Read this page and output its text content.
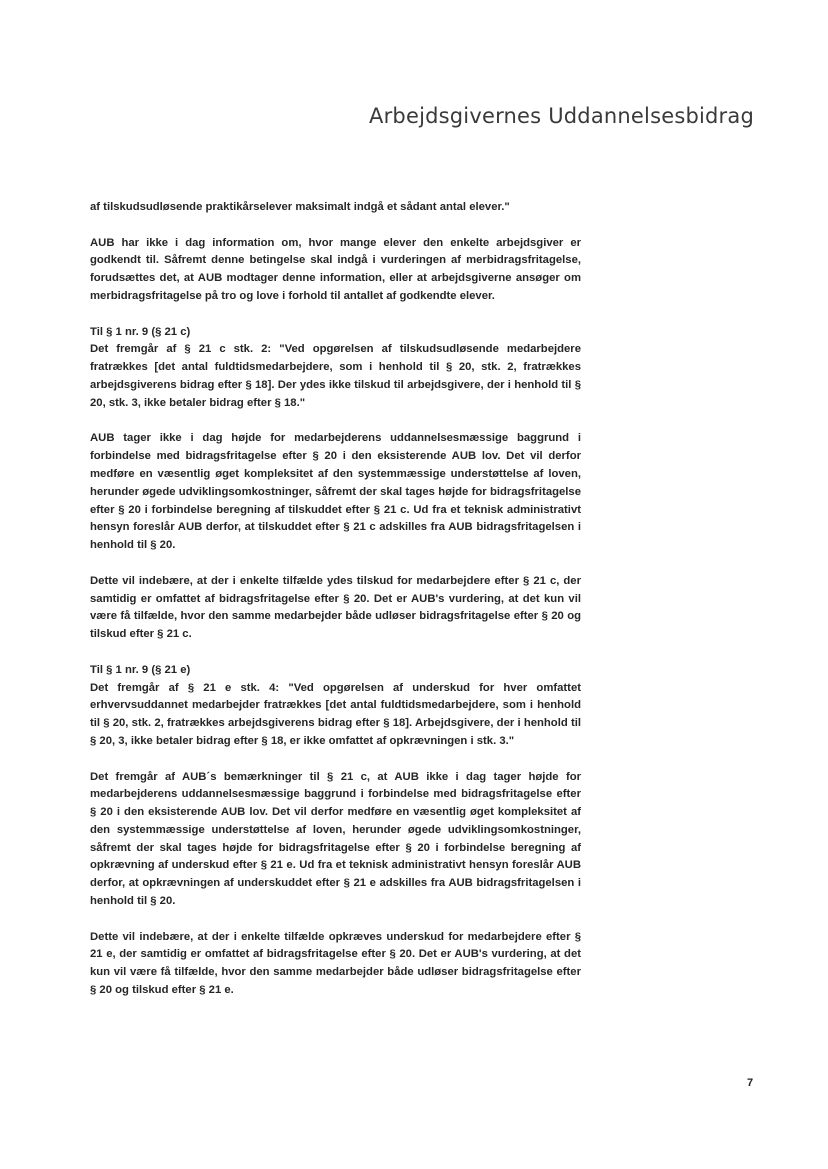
Arbejdsgivernes Uddannelsesbidrag

af tilskudsudløsende praktikårselever maksimalt indgå et sådant antal elever."

AUB har ikke i dag information om, hvor mange elever den enkelte arbejdsgiver er godkendt til. Såfremt denne betingelse skal indgå i vurderingen af merbidragsfritagelse, forudsættes det, at AUB modtager denne information, eller at arbejdsgiverne ansøger om merbidragsfritagelse på tro og love i forhold til antallet af godkendte elever.

Til § 1 nr. 9 (§ 21 c)

Det fremgår af § 21 c stk. 2: "Ved opgørelsen af tilskudsudløsende medarbejdere fratrækkes [det antal fuldtidsmedarbejdere, som i henhold til § 20, stk. 2, fratrækkes arbejdsgiverens bidrag efter § 18]. Der ydes ikke tilskud til arbejdsgivere, der i henhold til § 20, stk. 3, ikke betaler bidrag efter § 18."

AUB tager ikke i dag højde for medarbejderens uddannelsesmæssige baggrund i forbindelse med bidragsfritagelse efter § 20 i den eksisterende AUB lov. Det vil derfor medføre en væsentlig øget kompleksitet af den systemmæssige understøttelse af loven, herunder øgede udviklingsomkostninger, såfremt der skal tages højde for bidragsfritagelse efter § 20 i forbindelse beregning af tilskuddet efter § 21 c. Ud fra et teknisk administrativt hensyn foreslår AUB derfor, at tilskuddet efter § 21 c adskilles fra AUB bidragsfritagelsen i henhold til § 20.

Dette vil indebære, at der i enkelte tilfælde ydes tilskud for medarbejdere efter § 21 c, der samtidig er omfattet af bidragsfritagelse efter § 20. Det er AUB's vurdering, at det kun vil være få tilfælde, hvor den samme medarbejder både udløser bidragsfritagelse efter § 20 og tilskud efter § 21 c.

Til § 1 nr. 9 (§ 21 e)

Det fremgår af § 21 e stk. 4: "Ved opgørelsen af underskud for hver omfattet erhvervsuddannet medarbejder fratrækkes [det antal fuldtidsmedarbejdere, som i henhold til § 20, stk. 2, fratrækkes arbejdsgiverens bidrag efter § 18]. Arbejdsgivere, der i henhold til § 20, 3, ikke betaler bidrag efter § 18, er ikke omfattet af opkrævningen i stk. 3."

Det fremgår af AUB´s bemærkninger til § 21 c, at AUB ikke i dag tager højde for medarbejderens uddannelsesmæssige baggrund i forbindelse med bidragsfritagelse efter § 20 i den eksisterende AUB lov. Det vil derfor medføre en væsentlig øget kompleksitet af den systemmæssige understøttelse af loven, herunder øgede udviklingsomkostninger, såfremt der skal tages højde for bidragsfritagelse efter § 20 i forbindelse beregning af opkrævning af underskud efter § 21 e. Ud fra et teknisk administrativt hensyn foreslår AUB derfor, at opkrævningen af underskuddet efter § 21 e adskilles fra AUB bidragsfritagelsen i henhold til § 20.

Dette vil indebære, at der i enkelte tilfælde opkræves underskud for medarbejdere efter § 21 e, der samtidig er omfattet af bidragsfritagelse efter § 20. Det er AUB's vurdering, at det kun vil være få tilfælde, hvor den samme medarbejder både udløser bidragsfritagelse efter § 20 og tilskud efter § 21 e.

7
